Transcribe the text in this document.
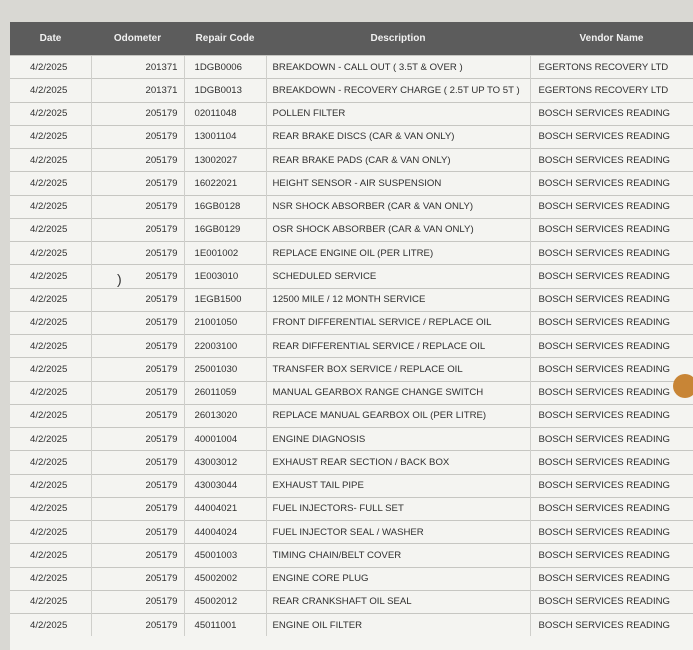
Date	Odometer	Repair Code	Description	Vendor Name
4/2/2025	201371	1DGB0006	BREAKDOWN - CALL OUT ( 3.5T & OVER )	EGERTONS RECOVERY LTD
4/2/2025	201371	1DGB0013	BREAKDOWN - RECOVERY CHARGE ( 2.5T UP TO 5T )	EGERTONS RECOVERY LTD
4/2/2025	205179	02011048	POLLEN FILTER	BOSCH SERVICES READING
4/2/2025	205179	13001104	REAR BRAKE DISCS (CAR & VAN ONLY)	BOSCH SERVICES READING
4/2/2025	205179	13002027	REAR BRAKE PADS (CAR & VAN ONLY)	BOSCH SERVICES READING
4/2/2025	205179	16022021	HEIGHT SENSOR - AIR SUSPENSION	BOSCH SERVICES READING
4/2/2025	205179	16GB0128	NSR SHOCK ABSORBER (CAR & VAN ONLY)	BOSCH SERVICES READING
4/2/2025	205179	16GB0129	OSR SHOCK ABSORBER (CAR & VAN ONLY)	BOSCH SERVICES READING
4/2/2025	205179	1E001002	REPLACE ENGINE OIL (PER LITRE)	BOSCH SERVICES READING
4/2/2025	205179	1E003010	SCHEDULED SERVICE	BOSCH SERVICES READING
4/2/2025	205179	1EGB1500	12500 MILE / 12 MONTH SERVICE	BOSCH SERVICES READING
4/2/2025	205179	21001050	FRONT DIFFERENTIAL SERVICE / REPLACE OIL	BOSCH SERVICES READING
4/2/2025	205179	22003100	REAR DIFFERENTIAL SERVICE / REPLACE OIL	BOSCH SERVICES READING
4/2/2025	205179	25001030	TRANSFER BOX SERVICE / REPLACE OIL	BOSCH SERVICES READING
4/2/2025	205179	26011059	MANUAL GEARBOX RANGE CHANGE SWITCH	BOSCH SERVICES READING
4/2/2025	205179	26013020	REPLACE MANUAL GEARBOX OIL (PER LITRE)	BOSCH SERVICES READING
4/2/2025	205179	40001004	ENGINE DIAGNOSIS	BOSCH SERVICES READING
4/2/2025	205179	43003012	EXHAUST REAR SECTION / BACK BOX	BOSCH SERVICES READING
4/2/2025	205179	43003044	EXHAUST TAIL PIPE	BOSCH SERVICES READING
4/2/2025	205179	44004021	FUEL INJECTORS- FULL SET	BOSCH SERVICES READING
4/2/2025	205179	44004024	FUEL INJECTOR SEAL / WASHER	BOSCH SERVICES READING
4/2/2025	205179	45001003	TIMING CHAIN/BELT COVER	BOSCH SERVICES READING
4/2/2025	205179	45002002	ENGINE CORE PLUG	BOSCH SERVICES READING
4/2/2025	205179	45002012	REAR CRANKSHAFT OIL SEAL	BOSCH SERVICES READING
4/2/2025	205179	45011001	ENGINE OIL FILTER	BOSCH SERVICES READING
)
